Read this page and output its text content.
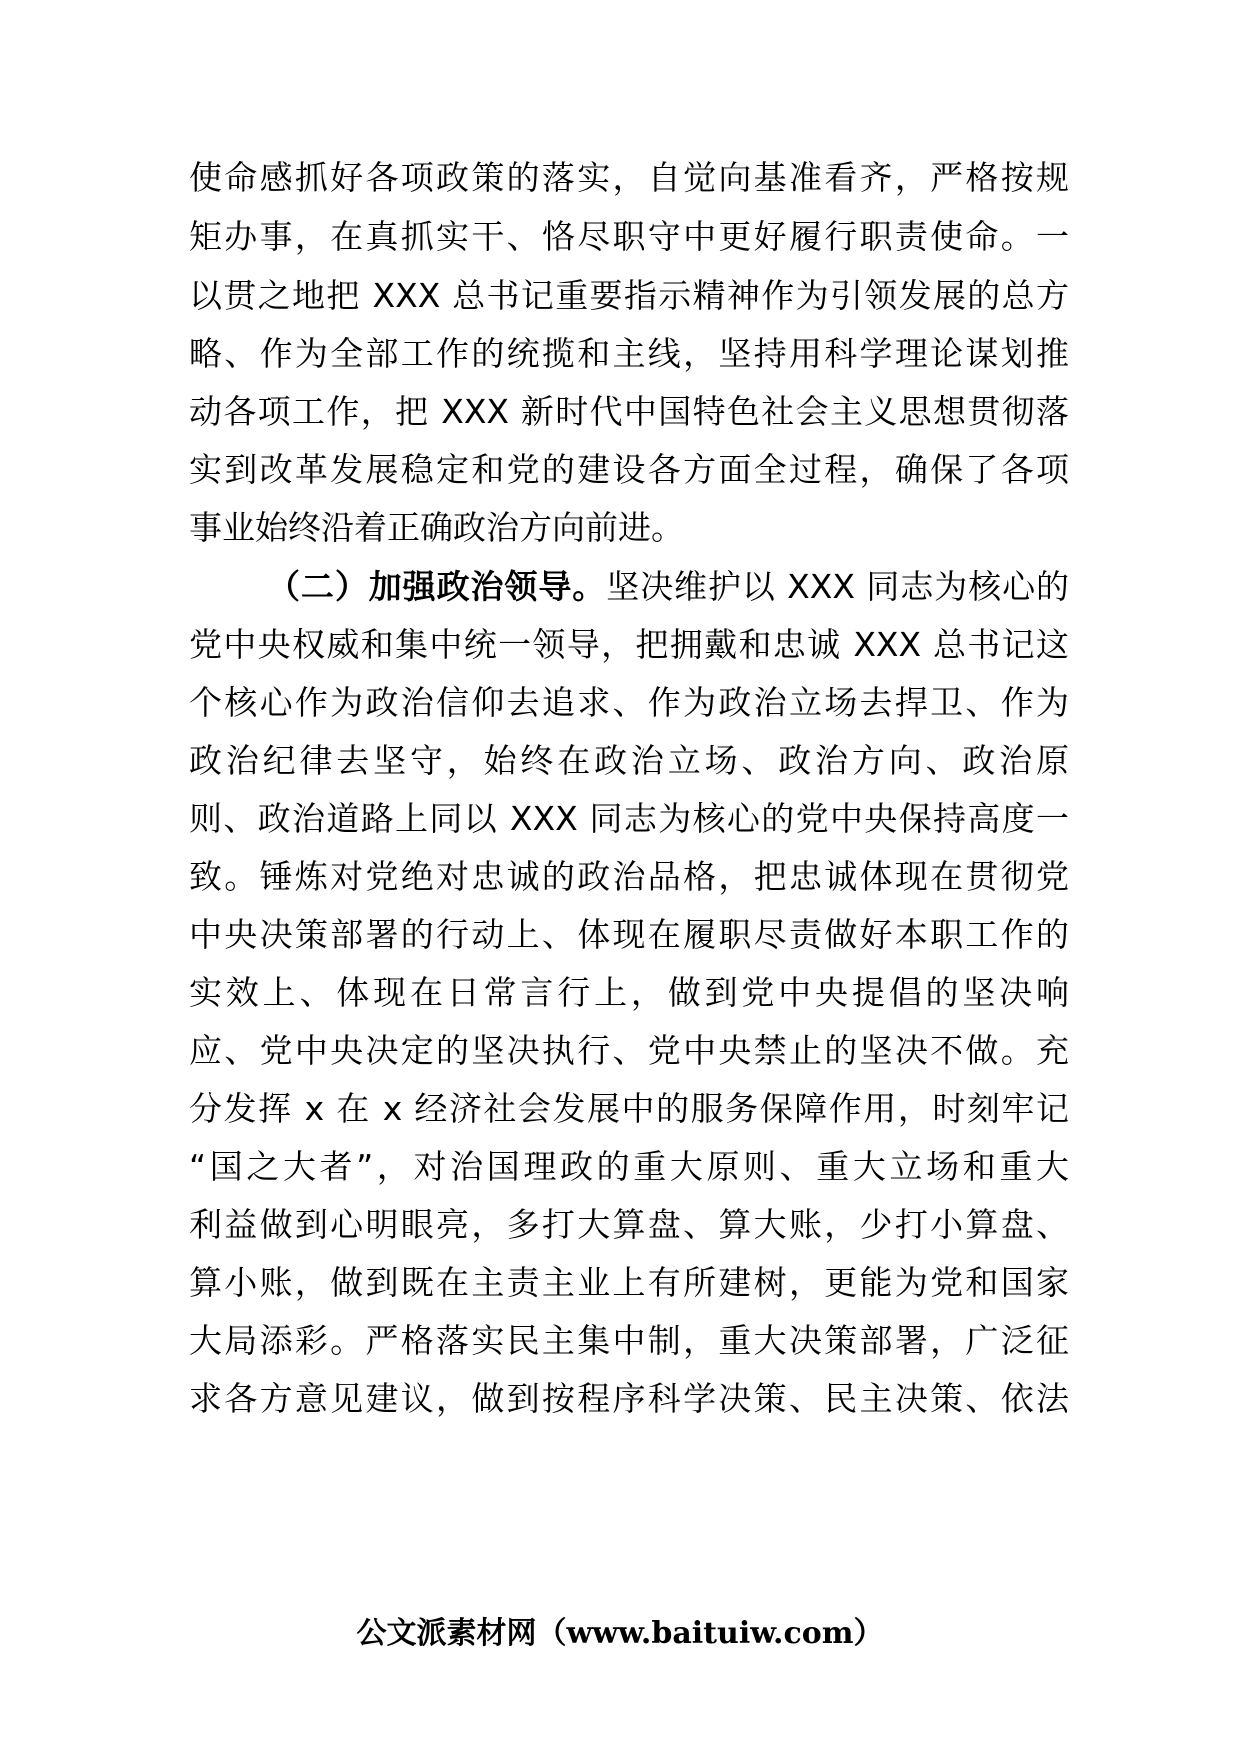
使命感抓好各项政策的落实，自觉向基准看齐，严格按规
矩办事，在真抓实干、恪尽职守中更好履行职责使命。一
以贯之地把 XXX 总书记重要指示精神作为引领发展的总方
略、作为全部工作的统揽和主线，坚持用科学理论谋划推
动各项工作，把 XXX 新时代中国特色社会主义思想贯彻落
实到改革发展稳定和党的建设各方面全过程，确保了各项
事业始终沿着正确政治方向前进。
（二）加强政治领导。坚决维护以 XXX 同志为核心的
党中央权威和集中统一领导，把拥戴和忠诚 XXX 总书记这
个核心作为政治信仰去追求、作为政治立场去捍卫、作为
政治纪律去坚守，始终在政治立场、政治方向、政治原
则、政治道路上同以 XXX 同志为核心的党中央保持高度一
致。锤炼对党绝对忠诚的政治品格，把忠诚体现在贯彻党
中央决策部署的行动上、体现在履职尽责做好本职工作的
实效上、体现在日常言行上，做到党中央提倡的坚决响
应、党中央决定的坚决执行、党中央禁止的坚决不做。充
分发挥 x 在 x 经济社会发展中的服务保障作用，时刻牢记
“国之大者”，对治国理政的重大原则、重大立场和重大
利益做到心明眼亮，多打大算盘、算大账，少打小算盘、
算小账，做到既在主责主业上有所建树，更能为党和国家
大局添彩。严格落实民主集中制，重大决策部署，广泛征
求各方意见建议，做到按程序科学决策、民主决策、依法
公文派素材网（www.baituiw.com）
